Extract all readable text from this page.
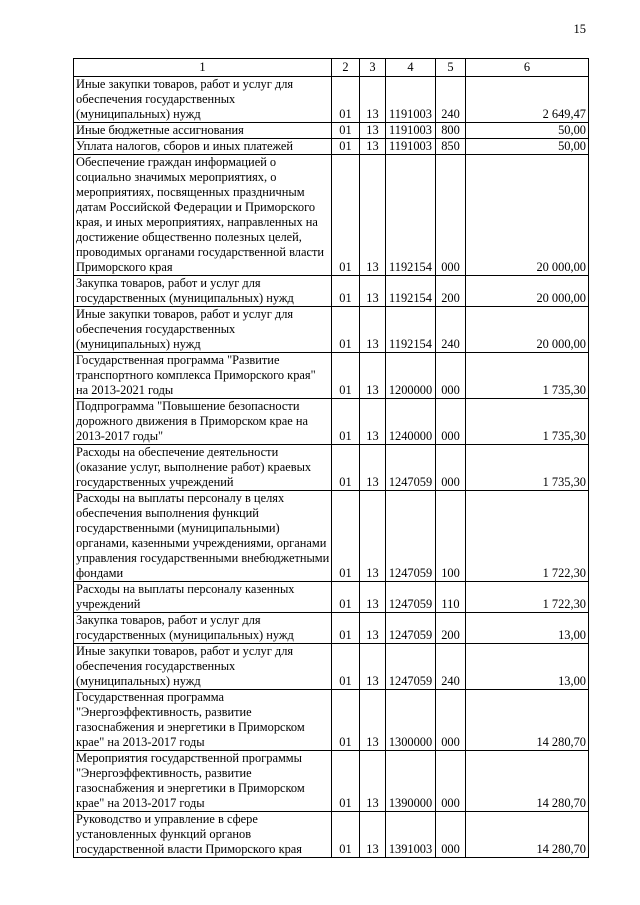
15
1	2	3	4	5	6
Иные закупки товаров, работ и услуг для обеспечения государственных (муниципальных) нужд	01	13	1191003	240	2 649,47
Иные бюджетные ассигнования	01	13	1191003	800	50,00
Уплата налогов, сборов и иных платежей	01	13	1191003	850	50,00
Обеспечение граждан информацией о социально значимых мероприятиях, о мероприятиях, посвященных праздничным датам Российской Федерации и Приморского края, и иных мероприятиях, направленных на достижение общественно полезных целей, проводимых органами государственной власти Приморского края	01	13	1192154	000	20 000,00
Закупка товаров, работ и услуг для государственных (муниципальных) нужд	01	13	1192154	200	20 000,00
Иные закупки товаров, работ и услуг для обеспечения государственных (муниципальных) нужд	01	13	1192154	240	20 000,00
Государственная программа "Развитие транспортного комплекса Приморского края" на 2013-2021 годы	01	13	1200000	000	1 735,30
Подпрограмма "Повышение безопасности дорожного движения в Приморском крае на 2013-2017 годы"	01	13	1240000	000	1 735,30
Расходы на обеспечение деятельности (оказание услуг, выполнение работ) краевых государственных учреждений	01	13	1247059	000	1 735,30
Расходы на выплаты персоналу в целях обеспечения выполнения функций государственными (муниципальными) органами, казенными учреждениями, органами управления государственными внебюджетными фондами	01	13	1247059	100	1 722,30
Расходы на выплаты персоналу казенных учреждений	01	13	1247059	110	1 722,30
Закупка товаров, работ и услуг для государственных (муниципальных) нужд	01	13	1247059	200	13,00
Иные закупки товаров, работ и услуг для обеспечения государственных (муниципальных) нужд	01	13	1247059	240	13,00
Государственная программа "Энергоэффективность, развитие газоснабжения и энергетики в Приморском крае" на 2013-2017 годы	01	13	1300000	000	14 280,70
Мероприятия государственной программы "Энергоэффективность, развитие газоснабжения и энергетики в Приморском крае" на 2013-2017 годы	01	13	1390000	000	14 280,70
Руководство и управление в сфере установленных функций органов государственной власти Приморского края	01	13	1391003	000	14 280,70
